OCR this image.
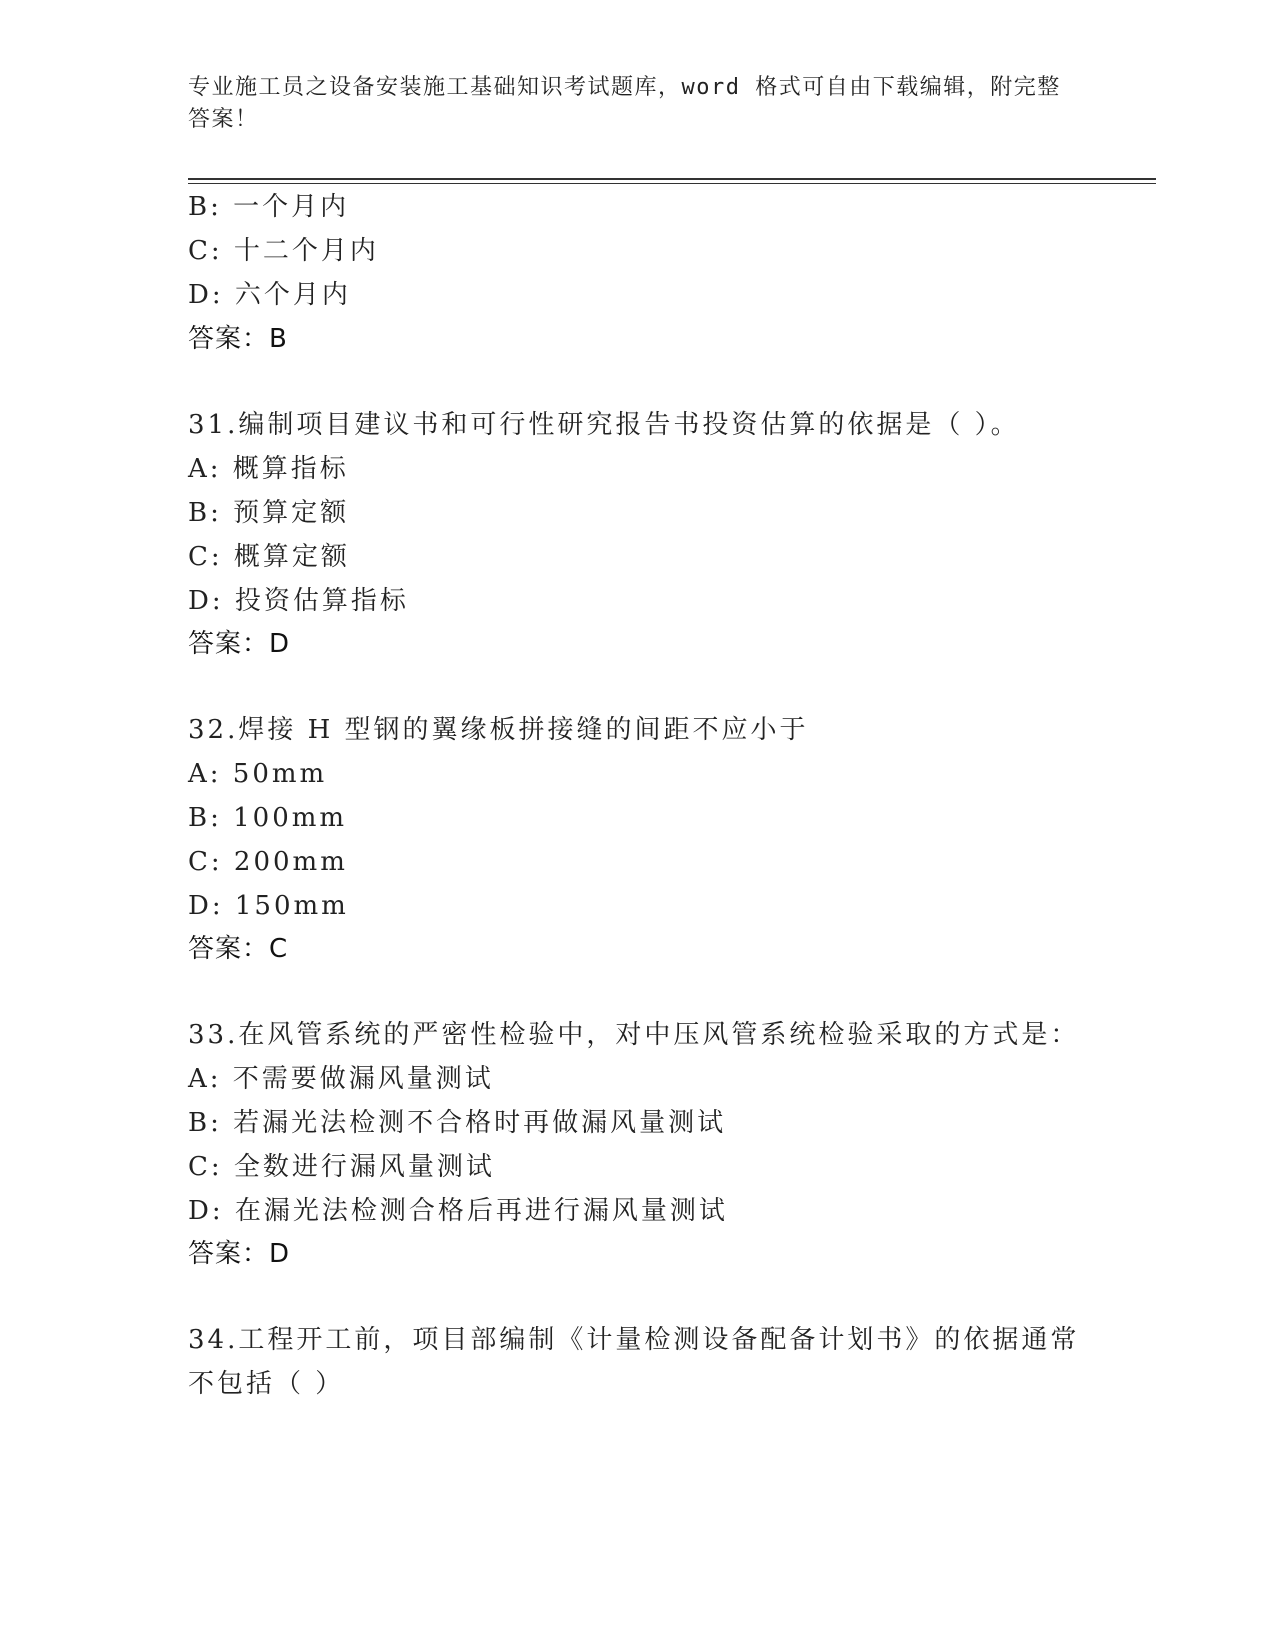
专业施工员之设备安装施工基础知识考试题库，word 格式可自由下载编辑，附完整答案！
B: 一个月内
C: 十二个月内
D: 六个月内
答案：B
31.编制项目建议书和可行性研究报告书投资估算的依据是（ ）。
A: 概算指标
B: 预算定额
C: 概算定额
D: 投资估算指标
答案：D
32.焊接 H 型钢的翼缘板拼接缝的间距不应小于
A: 50mm
B: 100mm
C: 200mm
D: 150mm
答案：C
33.在风管系统的严密性检验中，对中压风管系统检验采取的方式是：
A: 不需要做漏风量测试
B: 若漏光法检测不合格时再做漏风量测试
C: 全数进行漏风量测试
D: 在漏光法检测合格后再进行漏风量测试
答案：D
34.工程开工前，项目部编制《计量检测设备配备计划书》的依据通常
不包括（ ）
